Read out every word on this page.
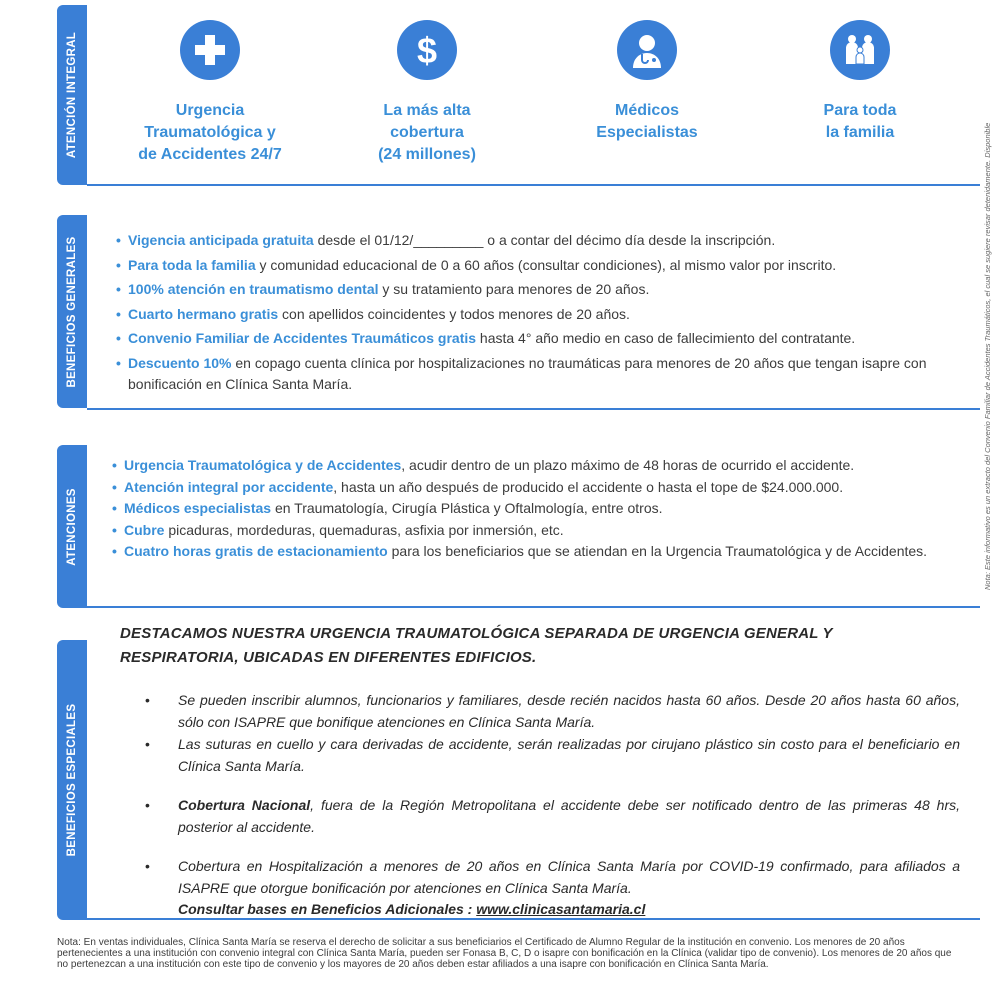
ATENCIÓN INTEGRAL	Urgencia
Traumatológica y
de Accidentes 24/7
$
La más alta
cobertura
(24 millones)
Médicos
Especialistas
Para toda
la familia
BENEFICIOS GENERALES	• Vigencia anticipada gratuita desde el 01/12/_________ o a contar del décimo día desde la inscripción.
• Para toda la familia y comunidad educacional de 0 a 60 años (consultar condiciones), al mismo valor por inscrito.
• 100% atención en traumatismo dental y su tratamiento para menores de 20 años.
• Cuarto hermano gratis con apellidos coincidentes y todos menores de 20 años.
• Convenio Familiar de Accidentes Traumáticos gratis hasta 4° año medio en caso de fallecimiento del contratante.
• Descuento 10% en copago cuenta clínica por hospitalizaciones no traumáticas para menores de 20 años que tengan isapre con bonificación en Clínica Santa María.
ATENCIONES
• Urgencia Traumatológica y de Accidentes, acudir dentro de un plazo máximo de 48 horas de ocurrido el accidente.
• Atención integral por accidente, hasta un año después de producido el accidente o hasta el tope de $24.000.000.
• Médicos especialistas en Traumatología, Cirugía Plástica y Oftalmología, entre otros.
• Cubre picaduras, mordeduras, quemaduras, asfixia por inmersión, etc.
• Cuatro horas gratis de estacionamiento para los beneficiarios que se atiendan en la Urgencia Traumatológica y de Accidentes.
BENEFICIOS ESPECIALES
DESTACAMOS NUESTRA URGENCIA TRAUMATOLÓGICA SEPARADA DE URGENCIA GENERAL Y RESPIRATORIA, UBICADAS EN DIFERENTES EDIFICIOS.
• Se pueden inscribir alumnos, funcionarios y familiares, desde recién nacidos hasta 60 años. Desde 20 años hasta 60 años, sólo con ISAPRE que bonifique atenciones en Clínica Santa María.
• Las suturas en cuello y cara derivadas de accidente, serán realizadas por cirujano plástico sin costo para el beneficiario en Clínica Santa María.
• Cobertura Nacional, fuera de la Región Metropolitana el accidente debe ser notificado dentro de las primeras 48 hrs, posterior al accidente.
• Cobertura en Hospitalización a menores de 20 años en Clínica Santa María por COVID-19 confirmado, para afiliados a ISAPRE que otorgue bonificación por atenciones en Clínica Santa María.
Consultar bases en Beneficios Adicionales : www.clinicasantamaria.cl
Nota: En ventas individuales, Clínica Santa María se reserva el derecho de solicitar a sus beneficiarios el Certificado de Alumno Regular de la institución en convenio. Los menores de 20 años pertenecientes a una institución con convenio integral con Clínica Santa María, pueden ser Fonasa B, C, D o isapre con bonificación en la Clínica (validar tipo de convenio). Los menores de 20 años que no pertenezcan a una institución con este tipo de convenio y los mayores de 20 años deben estar afiliados a una isapre con bonificación en Clínica Santa María.
Nota: Este informativo es un extracto del Convenio Familiar de Accidentes Traumáticos, el cual se sugiere revisar detenidamente. Disponible
